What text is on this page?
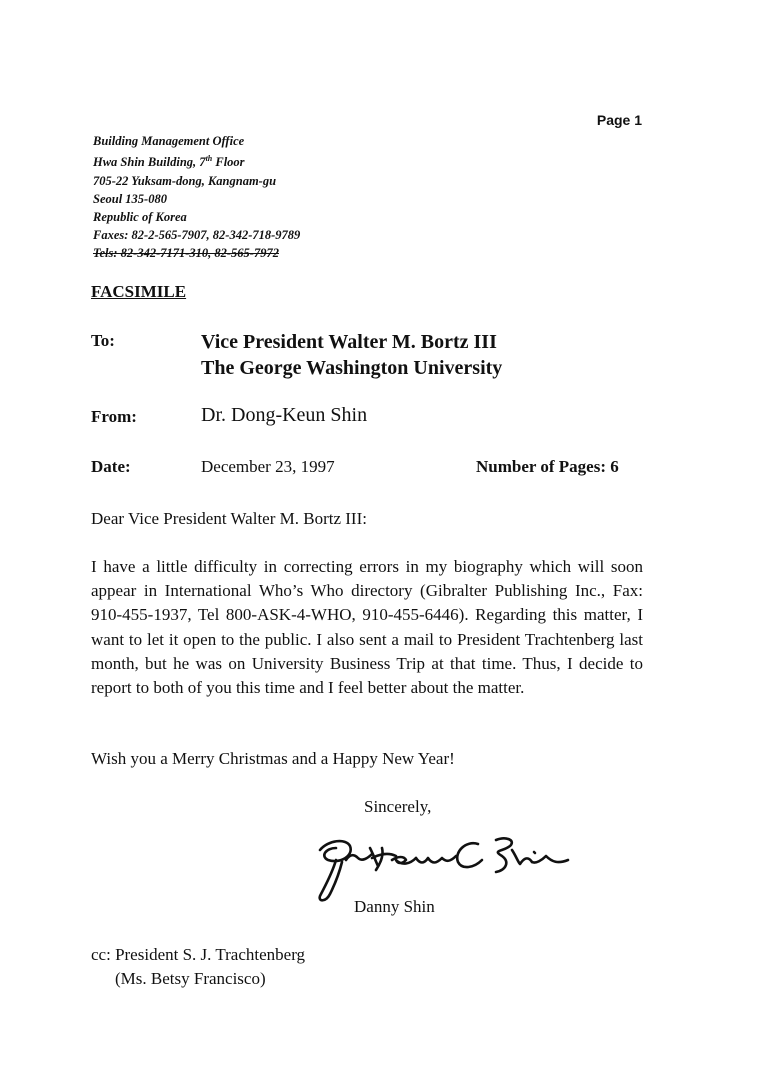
Page 1
Building Management Office
Hwa Shin Building, 7th Floor
705-22 Yuksam-dong, Kangnam-gu
Seoul 135-080
Republic of Korea
Faxes: 82-2-565-7907, 82-342-718-9789
Tels: 82-342-7171-310, 82-565-7972
FACSIMILE
To:	Vice President Walter M. Bortz III
The George Washington University
From:	Dr. Dong-Keun Shin
Date:	December 23, 1997	Number of Pages: 6
Dear Vice President Walter M. Bortz III:
I have a little difficulty in correcting errors in my biography which will soon appear in International Who’s Who directory (Gibralter Publishing Inc., Fax: 910-455-1937, Tel 800-ASK-4-WHO, 910-455-6446). Regarding this matter, I want to let it open to the public. I also sent a mail to President Trachtenberg last month, but he was on University Business Trip at that time. Thus, I decide to report to both of you this time and I feel better about the matter.
Wish you a Merry Christmas and a Happy New Year!
Sincerely,
Danny Shin
cc: President S. J. Trachtenberg
(Ms. Betsy Francisco)
